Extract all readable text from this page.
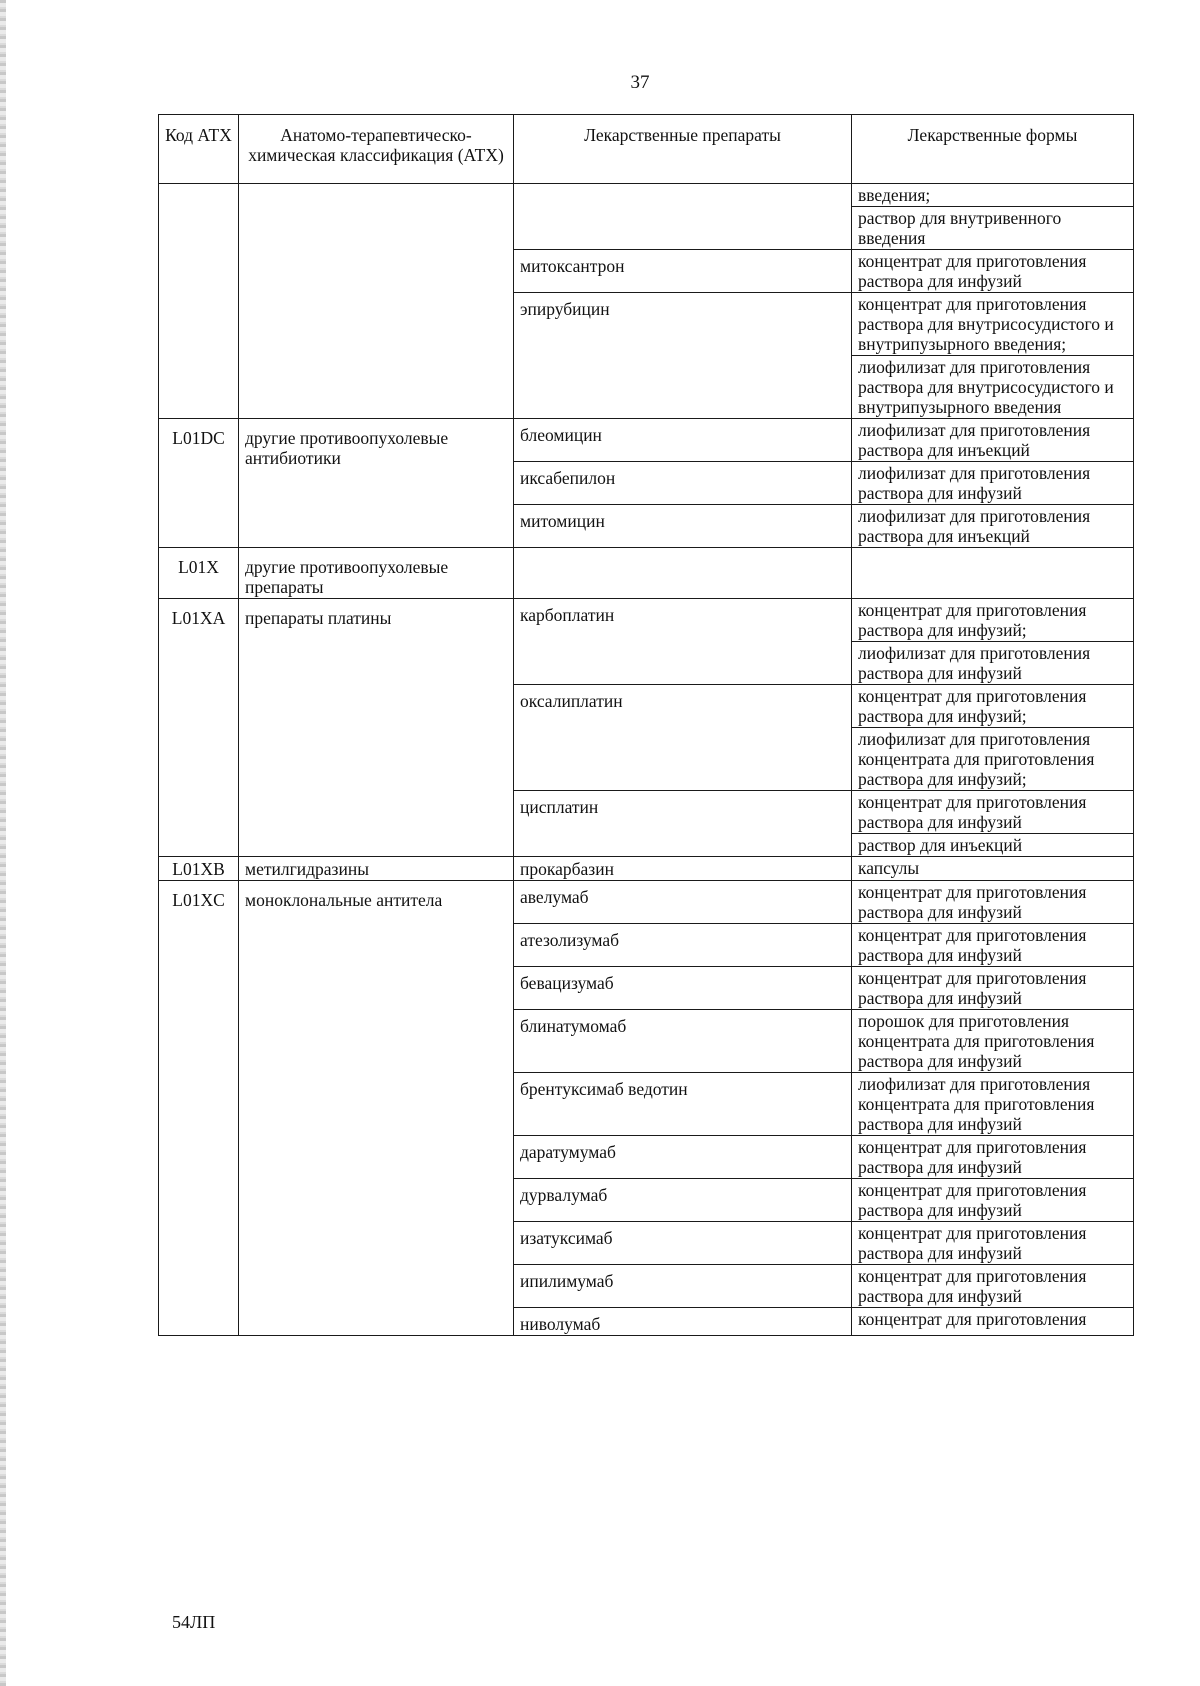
37
Код АТХ	Анатомо-терапевтическо-химическая классификация (АТХ)	Лекарственные препараты	Лекарственные формы
			введения;
			раствор для внутривенного введения
		митоксантрон	концентрат для приготовления раствора для инфузий
		эпирубицин	концентрат для приготовления раствора для внутрисосудистого и внутрипузырного введения;
			лиофилизат для приготовления раствора для внутрисосудистого и внутрипузырного введения
L01DC	другие противоопухолевые антибиотики	блеомицин	лиофилизат для приготовления раствора для инъекций
		иксабепилон	лиофилизат для приготовления раствора для инфузий
		митомицин	лиофилизат для приготовления раствора для инъекций
L01X	другие противоопухолевые препараты		
L01XA	препараты платины	карбоплатин	концентрат для приготовления раствора для инфузий;
			лиофилизат для приготовления раствора для инфузий
		оксалиплатин	концентрат для приготовления раствора для инфузий;
			лиофилизат для приготовления концентрата для приготовления раствора для инфузий;
		цисплатин	концентрат для приготовления раствора для инфузий
			раствор для инъекций
L01XB	метилгидразины	прокарбазин	капсулы
L01XC	моноклональные антитела	авелумаб	концентрат для приготовления раствора для инфузий
		атезолизумаб	концентрат для приготовления раствора для инфузий
		бевацизумаб	концентрат для приготовления раствора для инфузий
		блинатумомаб	порошок для приготовления концентрата для приготовления раствора для инфузий
		брентуксимаб ведотин	лиофилизат для приготовления концентрата для приготовления раствора для инфузий
		даратумумаб	концентрат для приготовления раствора для инфузий
		дурвалумаб	концентрат для приготовления раствора для инфузий
		изатуксимаб	концентрат для приготовления раствора для инфузий
		ипилимумаб	концентрат для приготовления раствора для инфузий
		ниволумаб	концентрат для приготовления
54ЛП
